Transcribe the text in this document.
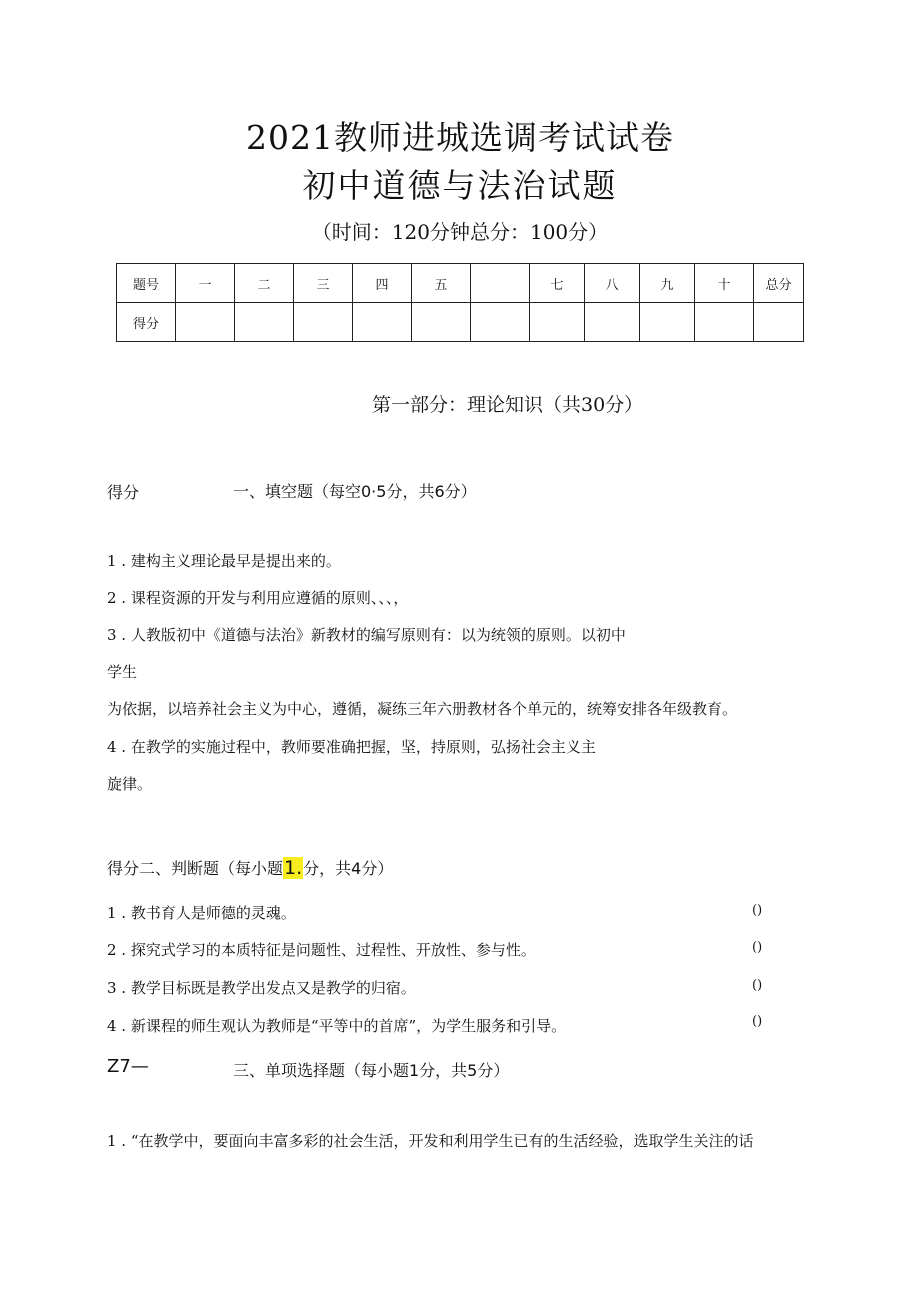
2021教师进城选调考试试卷
初中道德与法治试题
（时间：120分钟总分：100分）
题号	一	二	三	四	五		七	八	九	十	总分
得分											
第一部分：理论知识（共30分）
得分	一、填空题（每空0·5分，共6分）
1 . 建构主义理论最早是提出来的。
2 . 课程资源的开发与利用应遵循的原则、、、，
3 . 人教版初中《道德与法治》新教材的编写原则有：以为统领的原则。以初中
学生
为依据，以培养社会主义为中心，遵循，凝练三年六册教材各个单元的，统筹安排各年级教育。
4 . 在教学的实施过程中，教师要准确把握，坚，持原则，弘扬社会主义主
旋律。
得分二、判断题（每小题1.分，共4分）
1 . 教书育人是师德的灵魂。	()
2 . 探究式学习的本质特征是问题性、过程性、开放性、参与性。	()
3 . 教学目标既是教学出发点又是教学的归宿。	()
4 . 新课程的师生观认为教师是“平等中的首席”，为学生服务和引导。	()
Z7—	三、单项选择题（每小题1分，共5分）
1 . “在教学中，要面向丰富多彩的社会生活，开发和利用学生已有的生活经验，选取学生关注的话
